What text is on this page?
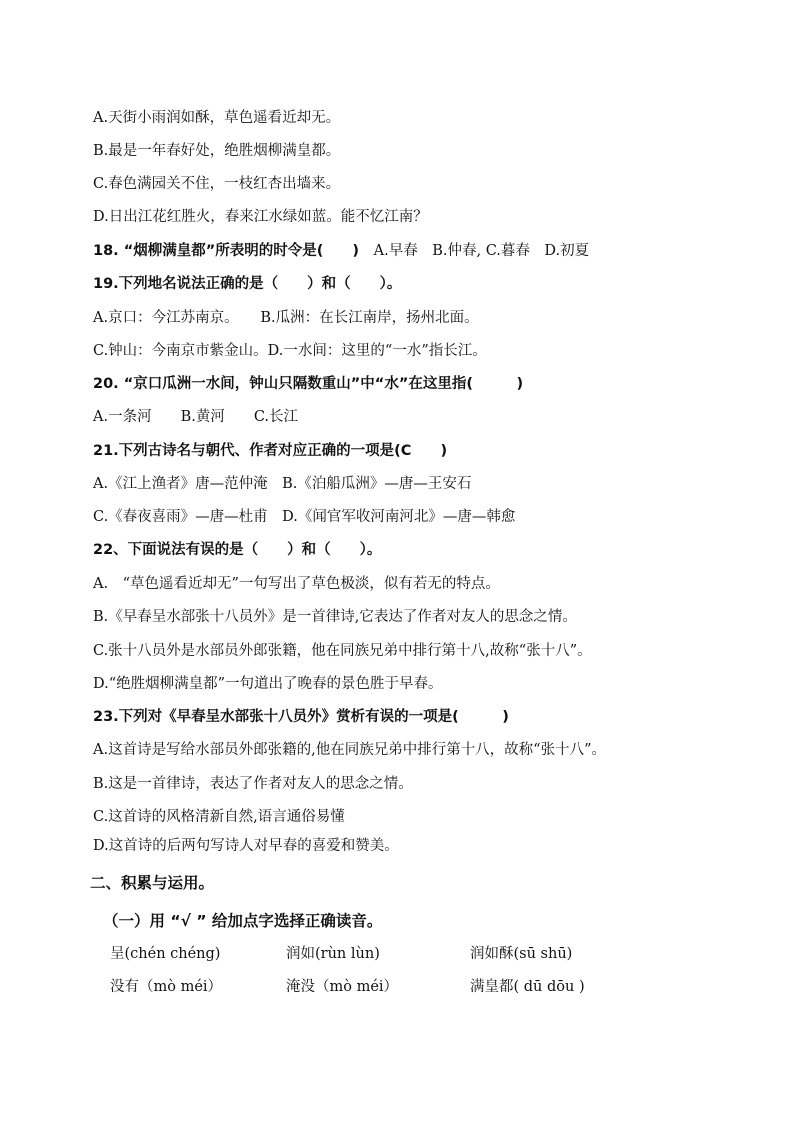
A.天街小雨润如酥，草色遥看近却无。
B.最是一年春好处，绝胜烟柳满皇都。
C.春色满园关不住，一枝红杏出墙来。
D.日出江花红胜火，春来江水绿如蓝。能不忆江南？
18. “烟柳满皇都”所表明的时令是(　　) A.早春　B.仲春, C.暮春　D.初夏
19.下列地名说法正确的是（　　）和（　　）。
A.京口：今江苏南京。　　B.瓜洲：在长江南岸，扬州北面。
C.钟山：今南京市紫金山。D.一水间：这里的“一水”指长江。
20. “京口瓜洲一水间，钟山只隔数重山”中“水”在这里指(　　　)
A.一条河　　B.黄河　　C.长江
21.下列古诗名与朝代、作者对应正确的一项是(C　　)
A.《江上渔者》唐—范仲淹　B.《泊船瓜洲》—唐—王安石
C.《春夜喜雨》—唐—杜甫　D.《闻官军收河南河北》—唐—韩愈
22、下面说法有误的是（　　）和（　　）。
A.　“草色遥看近却无”一句写出了草色极淡，似有若无的特点。
B.《早春呈水部张十八员外》是一首律诗,它表达了作者对友人的思念之情。
C.张十八员外是水部员外郎张籍，他在同族兄弟中排行第十八,故称“张十八”。
D.“绝胜烟柳满皇都”一句道出了晚春的景色胜于早春。
23.下列对《早春呈水部张十八员外》赏析有误的一项是(　　　)
A.这首诗是写给水部员外郎张籍的,他在同族兄弟中排行第十八，故称“张十八”。
B.这是一首律诗，表达了作者对友人的思念之情。
C.这首诗的风格清新自然,语言通俗易懂
D.这首诗的后两句写诗人对早春的喜爱和赞美。
二、积累与运用。
（一）用 “√ ” 给加点字选择正确读音。
呈(chén chéng)	润如(rùn lùn)	润如酥(sū shū)
没有（mò méi）	淹没（mò méi）	满皇都( dū dōu )
